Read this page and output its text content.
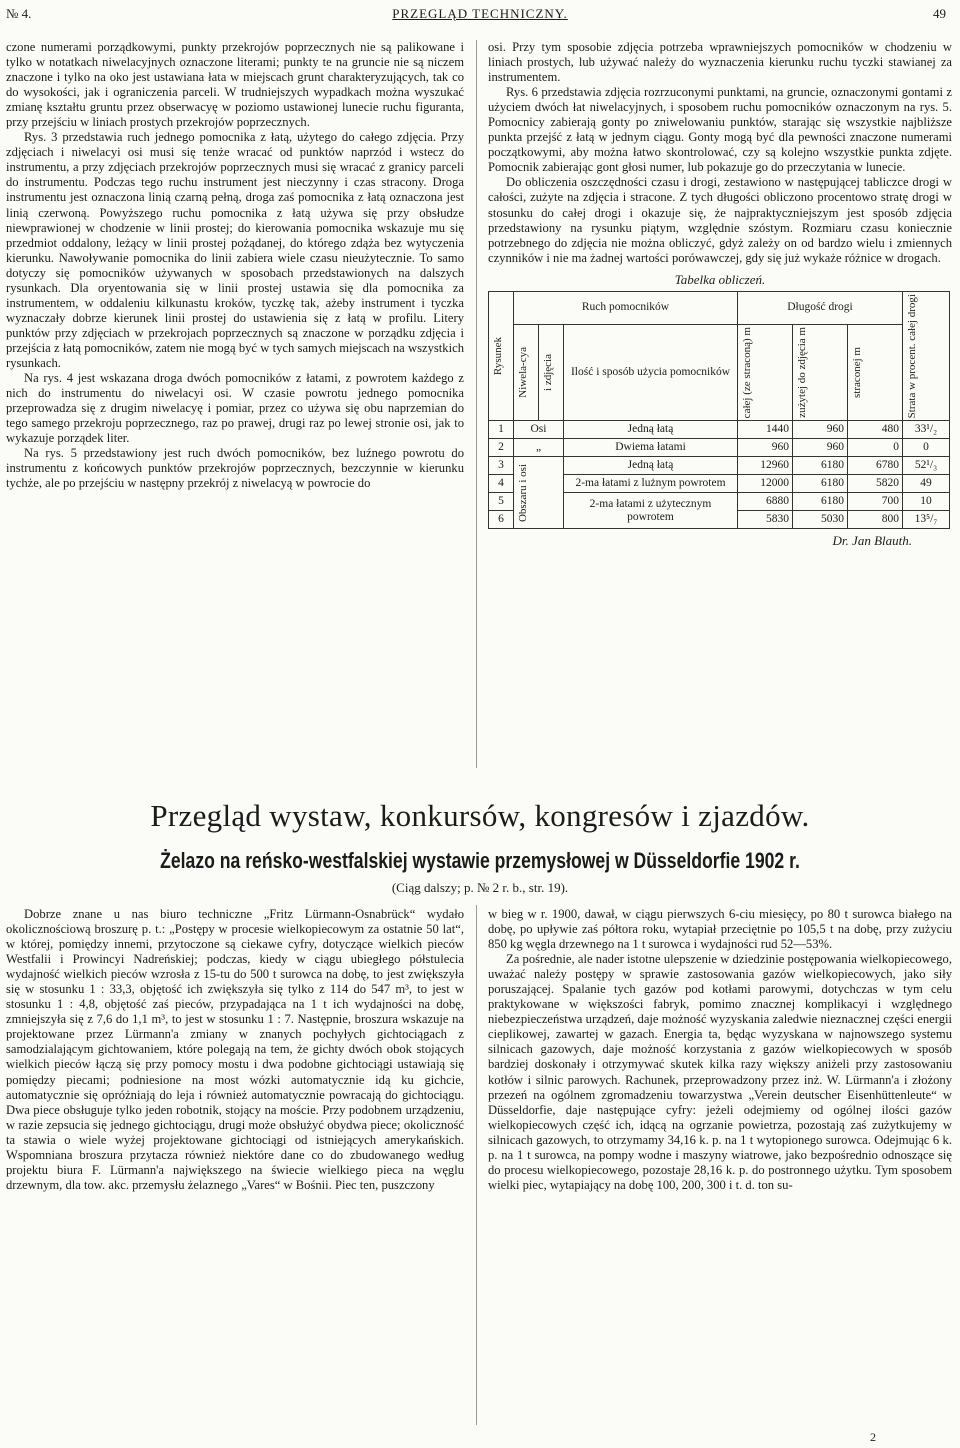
№ 4.	PRZEGLĄD TECHNICZNY.	49

czone numerami porządkowymi, punkty przekrojów poprzecznych nie są palikowane i tylko w notatkach niwelacyjnych oznaczone literami; punkty te na gruncie nie są niczem znaczone i tylko na oko jest ustawiana łata w miejscach grunt charakteryzujących, tak co do wysokości, jak i ograniczenia parceli. W trudniejszych wypadkach można wyszukać zmianę kształtu gruntu przez obserwacyę w poziomo ustawionej lunecie ruchu figuranta, przy przejściu w liniach prostych przekrojów poprzecznych.

Rys. 3 przedstawia ruch jednego pomocnika z łatą, użytego do całego zdjęcia. Przy zdjęciach i niwelacyi osi musi się tenże wracać od punktów naprzód i wstecz do instrumentu, a przy zdjęciach przekrojów poprzecznych musi się wracać z granicy parceli do instrumentu. Podczas tego ruchu instrument jest nieczynny i czas stracony. Droga instrumentu jest oznaczona linią czarną pełną, droga zaś pomocnika z łatą oznaczona jest linią czerwoną. Powyższego ruchu pomocnika z łatą używa się przy obsłudze niewprawionej w chodzenie w linii prostej; do kierowania pomocnika wskazuje mu się przedmiot oddalony, leżący w linii prostej pożądanej, do którego zdąża bez wytyczenia kierunku. Nawoływanie pomocnika do linii zabiera wiele czasu nieużytecznie. To samo dotyczy się pomocników używanych w sposobach przedstawionych na dalszych rysunkach. Dla oryentowania się w linii prostej ustawia się dla pomocnika za instrumentem, w oddaleniu kilkunastu kroków, tyczkę tak, ażeby instrument i tyczka wyznaczały dobrze kierunek linii prostej do ustawienia się z łatą w profilu. Litery punktów przy zdjęciach w przekrojach poprzecznych są znaczone w porządku zdjęcia i przejścia z łatą pomocników, zatem nie mogą być w tych samych miejscach na wszystkich rysunkach.

Na rys. 4 jest wskazana droga dwóch pomocników z łatami, z powrotem każdego z nich do instrumentu do niwelacyi osi. W czasie powrotu jednego pomocnika przeprowadza się z drugim niwelacyę i pomiar, przez co używa się obu naprzemian do tego samego przekroju poprzecznego, raz po prawej, drugi raz po lewej stronie osi, jak to wykazuje porządek liter.

Na rys. 5 przedstawiony jest ruch dwóch pomocników, bez luźnego powrotu do instrumentu z końcowych punktów przekrojów poprzecznych, bezczynnie w kierunku tychże, ale po przejściu w następny przekrój z niwelacyą w powrocie do

osi. Przy tym sposobie zdjęcia potrzeba wprawniejszych pomocników w chodzeniu w liniach prostych, lub używać należy do wyznaczenia kierunku ruchu tyczki stawianej za instrumentem.

Rys. 6 przedstawia zdjęcia rozrzuconymi punktami, na gruncie, oznaczonymi gontami z użyciem dwóch łat niwelacyjnych, i sposobem ruchu pomocników oznaczonym na rys. 5. Pomocnicy zabierają gonty po zniwelowaniu punktów, starając się wszystkie najbliższe punkta przejść z łatą w jednym ciągu. Gonty mogą być dla pewności znaczone numerami początkowymi, aby można łatwo skontrolować, czy są kolejno wszystkie punkta zdjęte. Pomocnik zabierając gont głosi numer, lub pokazuje go do przeczytania w lunecie.

Do obliczenia oszczędności czasu i drogi, zestawiono w następującej tabliczce drogi w całości, zużyte na zdjęcia i stracone. Z tych długości obliczono procentowo stratę drogi w stosunku do całej drogi i okazuje się, że najpraktyczniejszym jest sposób zdjęcia przedstawiony na rysunku piątym, względnie szóstym. Rozmiaru czasu koniecznie potrzebnego do zdjęcia nie można obliczyć, gdyż zależy on od bardzo wielu i zmiennych czynników i nie ma żadnej wartości porówawczej, gdy się już wykaże różnice w drogach.

Tabelka obliczeń.
Rysunek	Ruch pomocników			Długość drogi			Strata w procent. całej drogi

	Niwela-cya	i zdjęcia	Ilość i sposób użycia pomocników	całej (ze straconą) m	zużytej do zdjęcia m	straconej m	

1	Osi		Jedną łatą	1440	960	480	33¹/₂
2	„		Dwiema łatami	960	960	0	0
3	Obszaru i osi		Jedną łatą	12960	6180	6780	52¹/₃
4			2-ma łatami z lużnym powrotem	12000	6180	5820	49
5			2-ma łatami z użytecznym powrotem	6880	6180	700	10
6				5830	5030	800	13⁵/₇
Dr. Jan Blauth.
Przegląd wystaw, konkursów, kongresów i zjazdów.
Żelazo na reńsko-westfalskiej wystawie przemysłowej w Düsseldorfie 1902 r.
(Ciąg dalszy; p. № 2 r. b., str. 19).

Dobrze znane u nas biuro techniczne „Fritz Lürmann-Osnabrück“ wydało okolicznościową broszurę p. t.: „Postępy w procesie wielkopiecowym za ostatnie 50 lat“, w której, pomiędzy innemi, przytoczone są ciekawe cyfry, dotyczące wielkich pieców Westfalii i Prowincyi Nadreńskiej; podczas, kiedy w ciągu ubiegłego półstulecia wydajność wielkich pieców wzrosła z 15-tu do 500 t surowca na dobę, to jest zwiększyła się w stosunku 1 : 33,3, objętość ich zwiększyła się tylko z 114 do 547 m³, to jest w stosunku 1 : 4,8, objętość zaś pieców, przypadająca na 1 t ich wydajności na dobę, zmniejszyła się z 7,6 do 1,1 m³, to jest w stosunku 1 : 7. Następnie, broszura wskazuje na projektowane przez Lürmann'a zmiany w znanych pochyłych gichtociągach z samodzialającym gichtowaniem, które polegają na tem, że gichty dwóch obok stojących wielkich pieców łączą się przy pomocy mostu i dwa podobne gichtociągi ustawiają się pomiędzy piecami; podniesione na most wózki automatycznie idą ku gichcie, automatycznie się opróżniają do leja i również automatycznie powracają do gichtociągu. Dwa piece obsługuje tylko jeden robotnik, stojący na moście. Przy podobnem urządzeniu, w razie zepsucia się jednego gichtociągu, drugi może obsłużyć obydwa piece; okoliczność ta stawia o wiele wyżej projektowane gichtociągi od istniejących amerykańskich. Wspomniana broszura przytacza również niektóre dane co do zbudowanego według projektu biura F. Lürmann'a największego na świecie wielkiego pieca na węglu drzewnym, dla tow. akc. przemysłu żelaznego „Vares“ w Bośnii. Piec ten, puszczony

w bieg w r. 1900, dawał, w ciągu pierwszych 6-ciu miesięcy, po 80 t surowca białego na dobę, po upływie zaś półtora roku, wytapiał przeciętnie po 105,5 t na dobę, przy zużyciu 850 kg węgla drzewnego na 1 t surowca i wydajności rud 52—53%.

Za pośrednie, ale nader istotne ulepszenie w dziedzinie postępowania wielkopiecowego, uważać należy postępy w sprawie zastosowania gazów wielkopiecowych, jako siły poruszającej. Spalanie tych gazów pod kotłami parowymi, dotychczas w tym celu praktykowane w większości fabryk, pomimo znacznej komplikacyi i względnego niebezpieczeństwa urządzeń, daje możność wyzyskania zaledwie nieznacznej części energii cieplikowej, zawartej w gazach. Energia ta, będąc wyzyskana w najnowszego systemu silnicach gazowych, daje możność korzystania z gazów wielkopiecowych w sposób bardziej doskonały i otrzymywać skutek kilka razy większy aniżeli przy zastosowaniu kotłów i silnic parowych. Rachunek, przeprowadzony przez inż. W. Lürmann'a i złożony przezeń na ogólnem zgromadzeniu towarzystwa „Verein deutscher Eisenhüttenleute“ w Düsseldorfie, daje następujące cyfry: jeżeli odejmiemy od ogólnej ilości gazów wielkopiecowych część ich, idącą na ogrzanie powietrza, pozostają zaś zużytkujemy w silnicach gazowych, to otrzymamy 34,16 k. p. na 1 t wytopionego surowca. Odejmując 6 k. p. na 1 t surowca, na pompy wodne i maszyny wiatrowe, jako bezpośrednio odnoszące się do procesu wielkopiecowego, pozostaje 28,16 k. p. do postronnego użytku. Tym sposobem wielki piec, wytapiający na dobę 100, 200, 300 i t. d. ton su-

2
